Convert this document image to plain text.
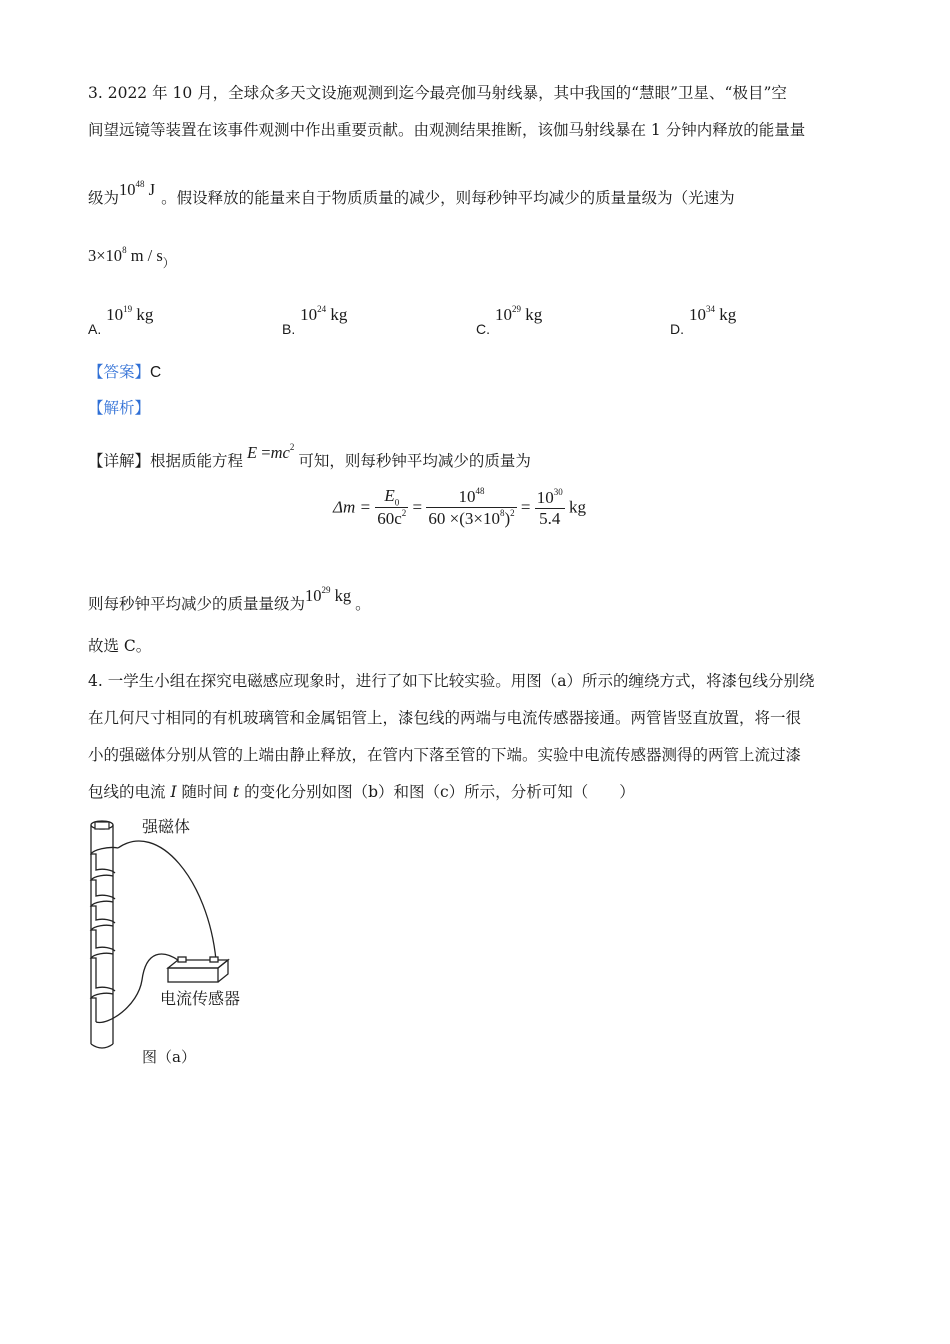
3. 2022 年 10 月，全球众多天文设施观测到迄今最亮伽马射线暴，其中我国的“慧眼”卫星、“极目”空
间望远镜等装置在该事件观测中作出重要贡献。由观测结果推断，该伽马射线暴在 1 分钟内释放的能量量
级为$10^{48}$ J 。假设释放的能量来自于物质质量的减少，则每秒钟平均减少的质量量级为（光速为
$3\times 10^8$ m / s）
A. $10^{19}$ kg
B. $10^{24}$ kg
C. $10^{29}$ kg
D. $10^{34}$ kg
【答案】C
【解析】
【详解】根据质能方程 $E =mc^2$可知，则每秒钟平均减少的质量为
$\Delta m = \frac{E_0}{60c^2} = \frac{10^{48}}{60 \times(3\times 10^8)^2} = \frac{10^{30}}{5.4}$ kg
则每秒钟平均减少的质量量级为$10^{29}$ kg 。
故选 C。
4. 一学生小组在探究电磁感应现象时，进行了如下比较实验。用图（a）所示的缠绕方式，将漆包线分别绕
在几何尺寸相同的有机玻璃管和金属铝管上，漆包线的两端与电流传感器接通。两管皆竖直放置，将一很
小的强磁体分别从管的上端由静止释放，在管内下落至管的下端。实验中电流传感器测得的两管上流过漆
包线的电流 I 随时间 t 的变化分别如图（b）和图（c）所示，分析可知（　　）
强磁体
电流传感器
图（a）
